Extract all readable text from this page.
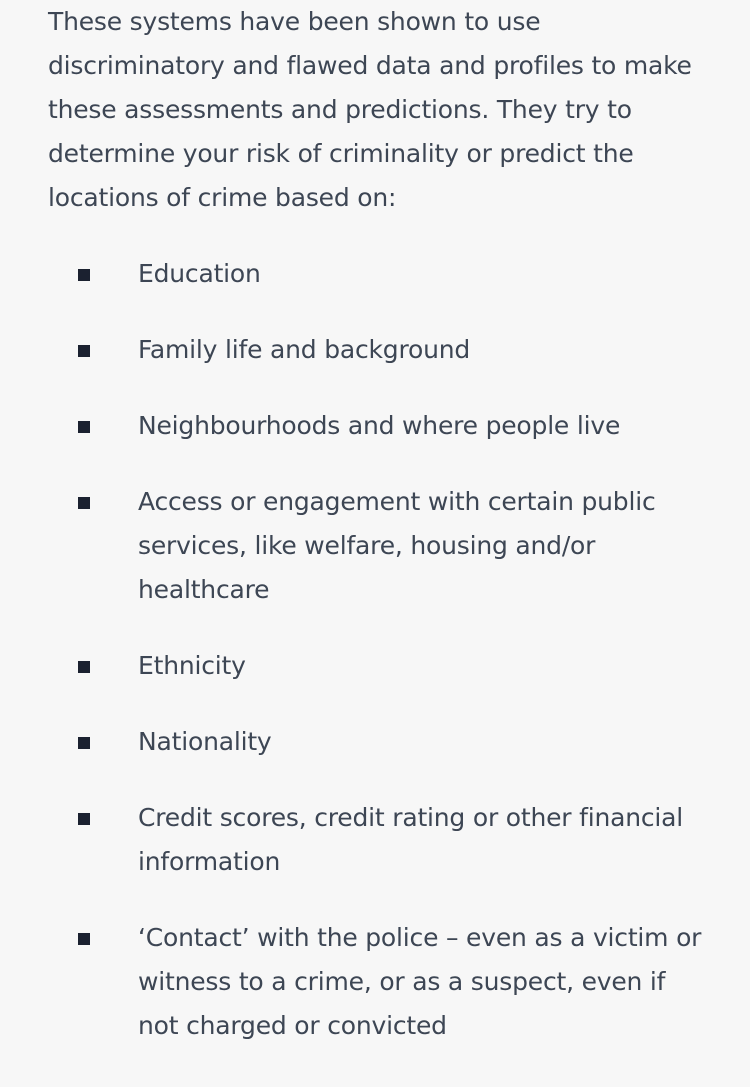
These systems have been shown to use discriminatory and flawed data and profiles to make these assessments and predictions. They try to determine your risk of criminality or predict the locations of crime based on:

Education
Family life and background
Neighbourhoods and where people live
Access or engagement with certain public services, like welfare, housing and/or healthcare
Ethnicity
Nationality
Credit scores, credit rating or other financial information
‘Contact’ with the police – even as a victim or witness to a crime, or as a suspect, even if not charged or convicted
